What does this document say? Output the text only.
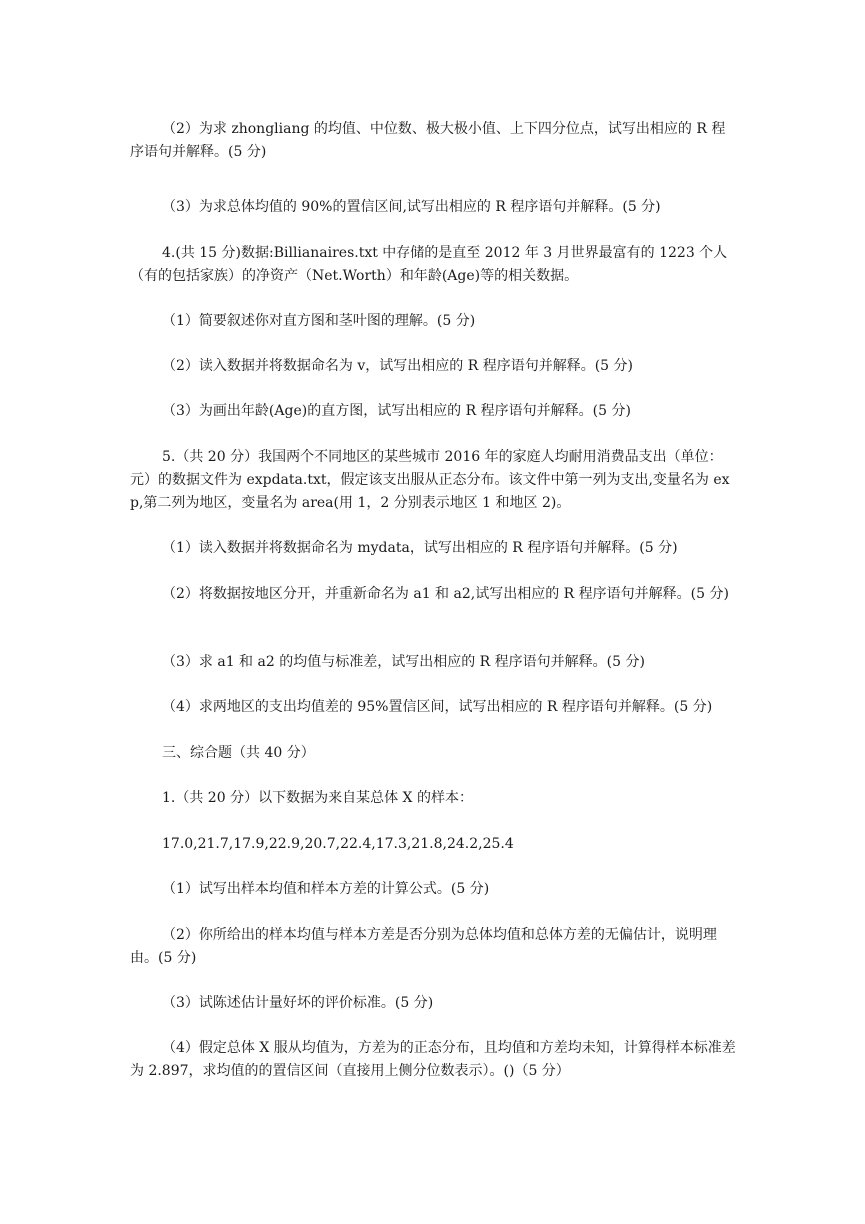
（2）为求 zhongliang 的均值、中位数、极大极小值、上下四分位点，试写出相应的 R 程序语句并解释。(5 分)

（3）为求总体均值的 90%的置信区间,试写出相应的 R 程序语句并解释。(5 分)

4.(共 15 分)数据:Billianaires.txt 中存储的是直至 2012 年 3 月世界最富有的 1223 个人（有的包括家族）的净资产（Net.Worth）和年龄(Age)等的相关数据。

（1）简要叙述你对直方图和茎叶图的理解。(5 分)

（2）读入数据并将数据命名为 v，试写出相应的 R 程序语句并解释。(5 分)

（3）为画出年龄(Age)的直方图，试写出相应的 R 程序语句并解释。(5 分)

5.（共 20 分）我国两个不同地区的某些城市 2016 年的家庭人均耐用消费品支出（单位：元）的数据文件为 expdata.txt，假定该支出服从正态分布。该文件中第一列为支出,变量名为 exp,第二列为地区，变量名为 area(用 1，2 分别表示地区 1 和地区 2)。

（1）读入数据并将数据命名为 mydata，试写出相应的 R 程序语句并解释。(5 分)

（2）将数据按地区分开，并重新命名为 a1 和 a2,试写出相应的 R 程序语句并解释。(5 分)

（3）求 a1 和 a2 的均值与标准差，试写出相应的 R 程序语句并解释。(5 分)

（4）求两地区的支出均值差的 95%置信区间，试写出相应的 R 程序语句并解释。(5 分)

三、综合题（共 40 分）

1.（共 20 分）以下数据为来自某总体 X 的样本：

17.0,21.7,17.9,22.9,20.7,22.4,17.3,21.8,24.2,25.4

（1）试写出样本均值和样本方差的计算公式。(5 分)

（2）你所给出的样本均值与样本方差是否分别为总体均值和总体方差的无偏估计，说明理由。(5 分)

（3）试陈述估计量好坏的评价标准。(5 分)

（4）假定总体 X 服从均值为，方差为的正态分布，且均值和方差均未知，计算得样本标准差为 2.897，求均值的的置信区间（直接用上侧分位数表示）。()（5 分）
